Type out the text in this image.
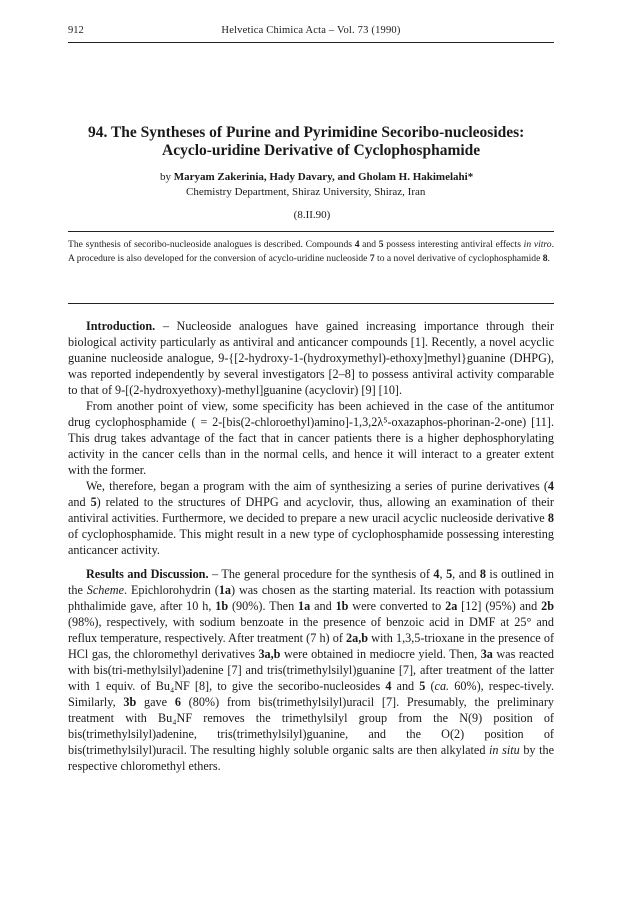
912	Helvetica Chimica Acta – Vol. 73 (1990)
94. The Syntheses of Purine and Pyrimidine Secoribo-nucleosides:
Acyclo-uridine Derivative of Cyclophosphamide
by Maryam Zakerinia, Hady Davary, and Gholam H. Hakimelahi*
Chemistry Department, Shiraz University, Shiraz, Iran
(8.II.90)
The synthesis of secoribo-nucleoside analogues is described. Compounds 4 and 5 possess interesting antiviral effects in vitro. A procedure is also developed for the conversion of acyclo-uridine nucleoside 7 to a novel derivative of cyclophosphamide 8.

Introduction. – Nucleoside analogues have gained increasing importance through their biological activity particularly as antiviral and anticancer compounds [1]. Recently, a novel acyclic guanine nucleoside analogue, 9-{[2-hydroxy-1-(hydroxymethyl)-ethoxy]methyl}guanine (DHPG), was reported independently by several investigators [2–8] to possess antiviral activity comparable to that of 9-[(2-hydroxyethoxy)-methyl]guanine (acyclovir) [9] [10].

From another point of view, some specificity has been achieved in the case of the antitumor drug cyclophosphamide ( = 2-[bis(2-chloroethyl)amino]-1,3,2λ⁵-oxazaphos-phorinan-2-one) [11]. This drug takes advantage of the fact that in cancer patients there is a higher dephosphorylating activity in the cancer cells than in the normal cells, and hence it will interact to a greater extent with the former.

We, therefore, began a program with the aim of synthesizing a series of purine derivatives (4 and 5) related to the structures of DHPG and acyclovir, thus, allowing an examination of their antiviral activities. Furthermore, we decided to prepare a new uracil acyclic nucleoside derivative 8 of cyclophosphamide. This might result in a new type of cyclophosphamide possessing interesting anticancer activity.

Results and Discussion. – The general procedure for the synthesis of 4, 5, and 8 is outlined in the Scheme. Epichlorohydrin (1a) was chosen as the starting material. Its reaction with potassium phthalimide gave, after 10 h, 1b (90%). Then 1a and 1b were converted to 2a [12] (95%) and 2b (98%), respectively, with sodium benzoate in the presence of benzoic acid in DMF at 25° and reflux temperature, respectively. After treatment (7 h) of 2a,b with 1,3,5-trioxane in the presence of HCl gas, the chloromethyl derivatives 3a,b were obtained in mediocre yield. Then, 3a was reacted with bis(tri-methylsilyl)adenine [7] and tris(trimethylsilyl)guanine [7], after treatment of the latter with 1 equiv. of Bu₄NF [8], to give the secoribo-nucleosides 4 and 5 (ca. 60%), respec-tively. Similarly, 3b gave 6 (80%) from bis(trimethylsilyl)uracil [7]. Presumably, the preliminary treatment with Bu₄NF removes the trimethylsilyl group from the N(9) position of bis(trimethylsilyl)adenine, tris(trimethylsilyl)guanine, and the O(2) position of bis(trimethylsilyl)uracil. The resulting highly soluble organic salts are then alkylated in situ by the respective chloromethyl ethers.
